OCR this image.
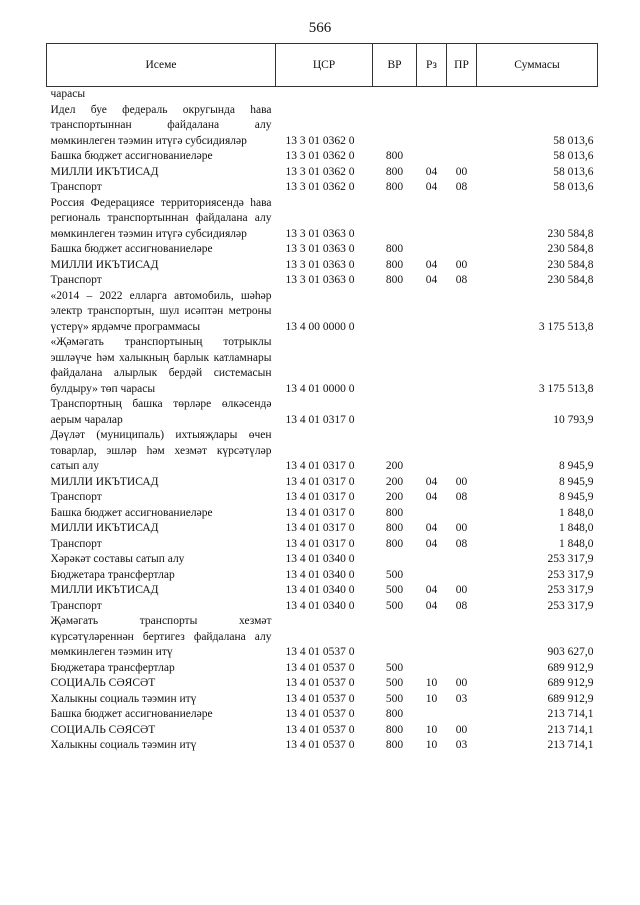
566
Исеме	ЦСР	ВР	Рз	ПР	Суммасы
чарасы					
Идел буе федераль округында һава транспортыннан файдалана алу мөмкинлеген тәэмин итүгә субсидияләр	13 3 01 0362 0				58 013,6
Башка бюджет ассигнованиеләре	13 3 01 0362 0	800			58 013,6
МИЛЛИ ИКЪТИСАД	13 3 01 0362 0	800	04	00	58 013,6
Транспорт	13 3 01 0362 0	800	04	08	58 013,6
Россия Федерациясе территориясендә һава региональ транспортыннан файдалана алу мөмкинлеген тәэмин итүгә субсидияләр	13 3 01 0363 0				230 584,8
Башка бюджет ассигнованиеләре	13 3 01 0363 0	800			230 584,8
МИЛЛИ ИКЪТИСАД	13 3 01 0363 0	800	04	00	230 584,8
Транспорт	13 3 01 0363 0	800	04	08	230 584,8
«2014 – 2022 елларга автомобиль, шәһәр электр транспортын, шул исәптән метроны үстерү» ярдәмче программасы	13 4 00 0000 0				3 175 513,8
«Җәмәгать транспортының тотрыклы эшләүче һәм халыкның барлык катламнары файдалана алырлык бердәй системасын булдыру» төп чарасы	13 4 01 0000 0				3 175 513,8
Транспортның башка төрләре өлкәсендә аерым чаралар	13 4 01 0317 0				10 793,9
Дәүләт (муниципаль) ихтыяҗлары өчен товарлар, эшләр һәм хезмәт күрсәтүләр сатып алу	13 4 01 0317 0	200			8 945,9
МИЛЛИ ИКЪТИСАД	13 4 01 0317 0	200	04	00	8 945,9
Транспорт	13 4 01 0317 0	200	04	08	8 945,9
Башка бюджет ассигнованиеләре	13 4 01 0317 0	800			1 848,0
МИЛЛИ ИКЪТИСАД	13 4 01 0317 0	800	04	00	1 848,0
Транспорт	13 4 01 0317 0	800	04	08	1 848,0
Хәрәкәт составы сатып алу	13 4 01 0340 0				253 317,9
Бюджетара трансфертлар	13 4 01 0340 0	500			253 317,9
МИЛЛИ ИКЪТИСАД	13 4 01 0340 0	500	04	00	253 317,9
Транспорт	13 4 01 0340 0	500	04	08	253 317,9
Җәмәгать транспорты хезмәт күрсәтүләреннән бертигез файдалана алу мөмкинлеген тәэмин итү	13 4 01 0537 0				903 627,0
Бюджетара трансфертлар	13 4 01 0537 0	500			689 912,9
СОЦИАЛЬ СӘЯСӘТ	13 4 01 0537 0	500	10	00	689 912,9
Халыкны социаль тәэмин итү	13 4 01 0537 0	500	10	03	689 912,9
Башка бюджет ассигнованиеләре	13 4 01 0537 0	800			213 714,1
СОЦИАЛЬ СӘЯСӘТ	13 4 01 0537 0	800	10	00	213 714,1
Халыкны социаль тәэмин итү	13 4 01 0537 0	800	10	03	213 714,1
